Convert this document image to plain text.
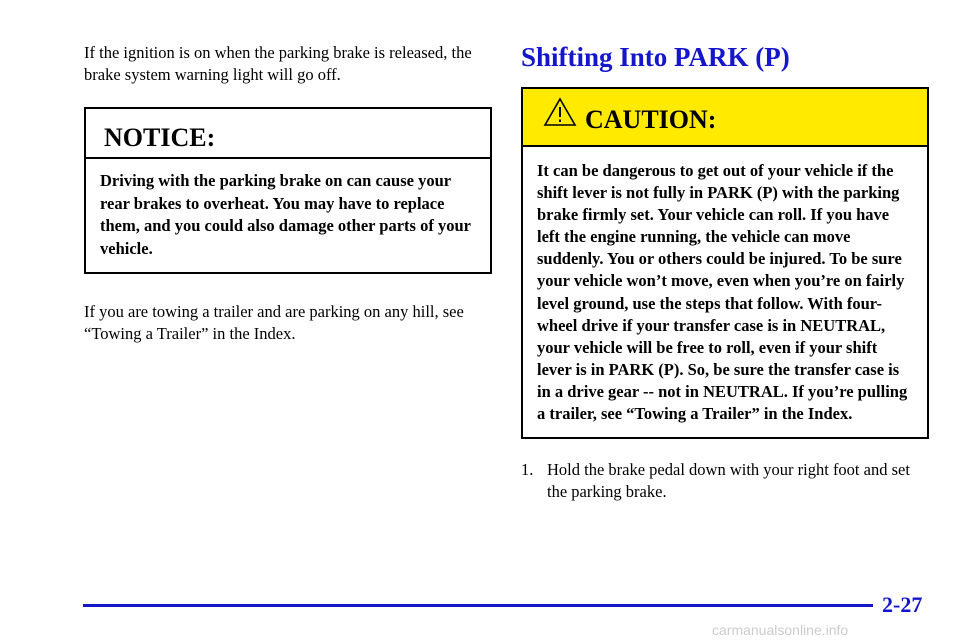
If the ignition is on when the parking brake is released, the brake system warning light will go off.

NOTICE:
Driving with the parking brake on can cause your rear brakes to overheat. You may have to replace them, and you could also damage other parts of your vehicle.

If you are towing a trailer and are parking on any hill, see “Towing a Trailer” in the Index.

Shifting Into PARK (P)
CAUTION:
It can be dangerous to get out of your vehicle if the shift lever is not fully in PARK (P) with the parking brake firmly set. Your vehicle can roll. If you have left the engine running, the vehicle can move suddenly. You or others could be injured. To be sure your vehicle won’t move, even when you’re on fairly level ground, use the steps that follow. With four-wheel drive if your transfer case is in NEUTRAL, your vehicle will be free to roll, even if your shift lever is in PARK (P). So, be sure the transfer case is in a drive gear -- not in NEUTRAL. If you’re pulling a trailer, see “Towing a Trailer” in the Index.
1. Hold the brake pedal down with your right foot and set the parking brake.
2-27
carmanualsonline.info
